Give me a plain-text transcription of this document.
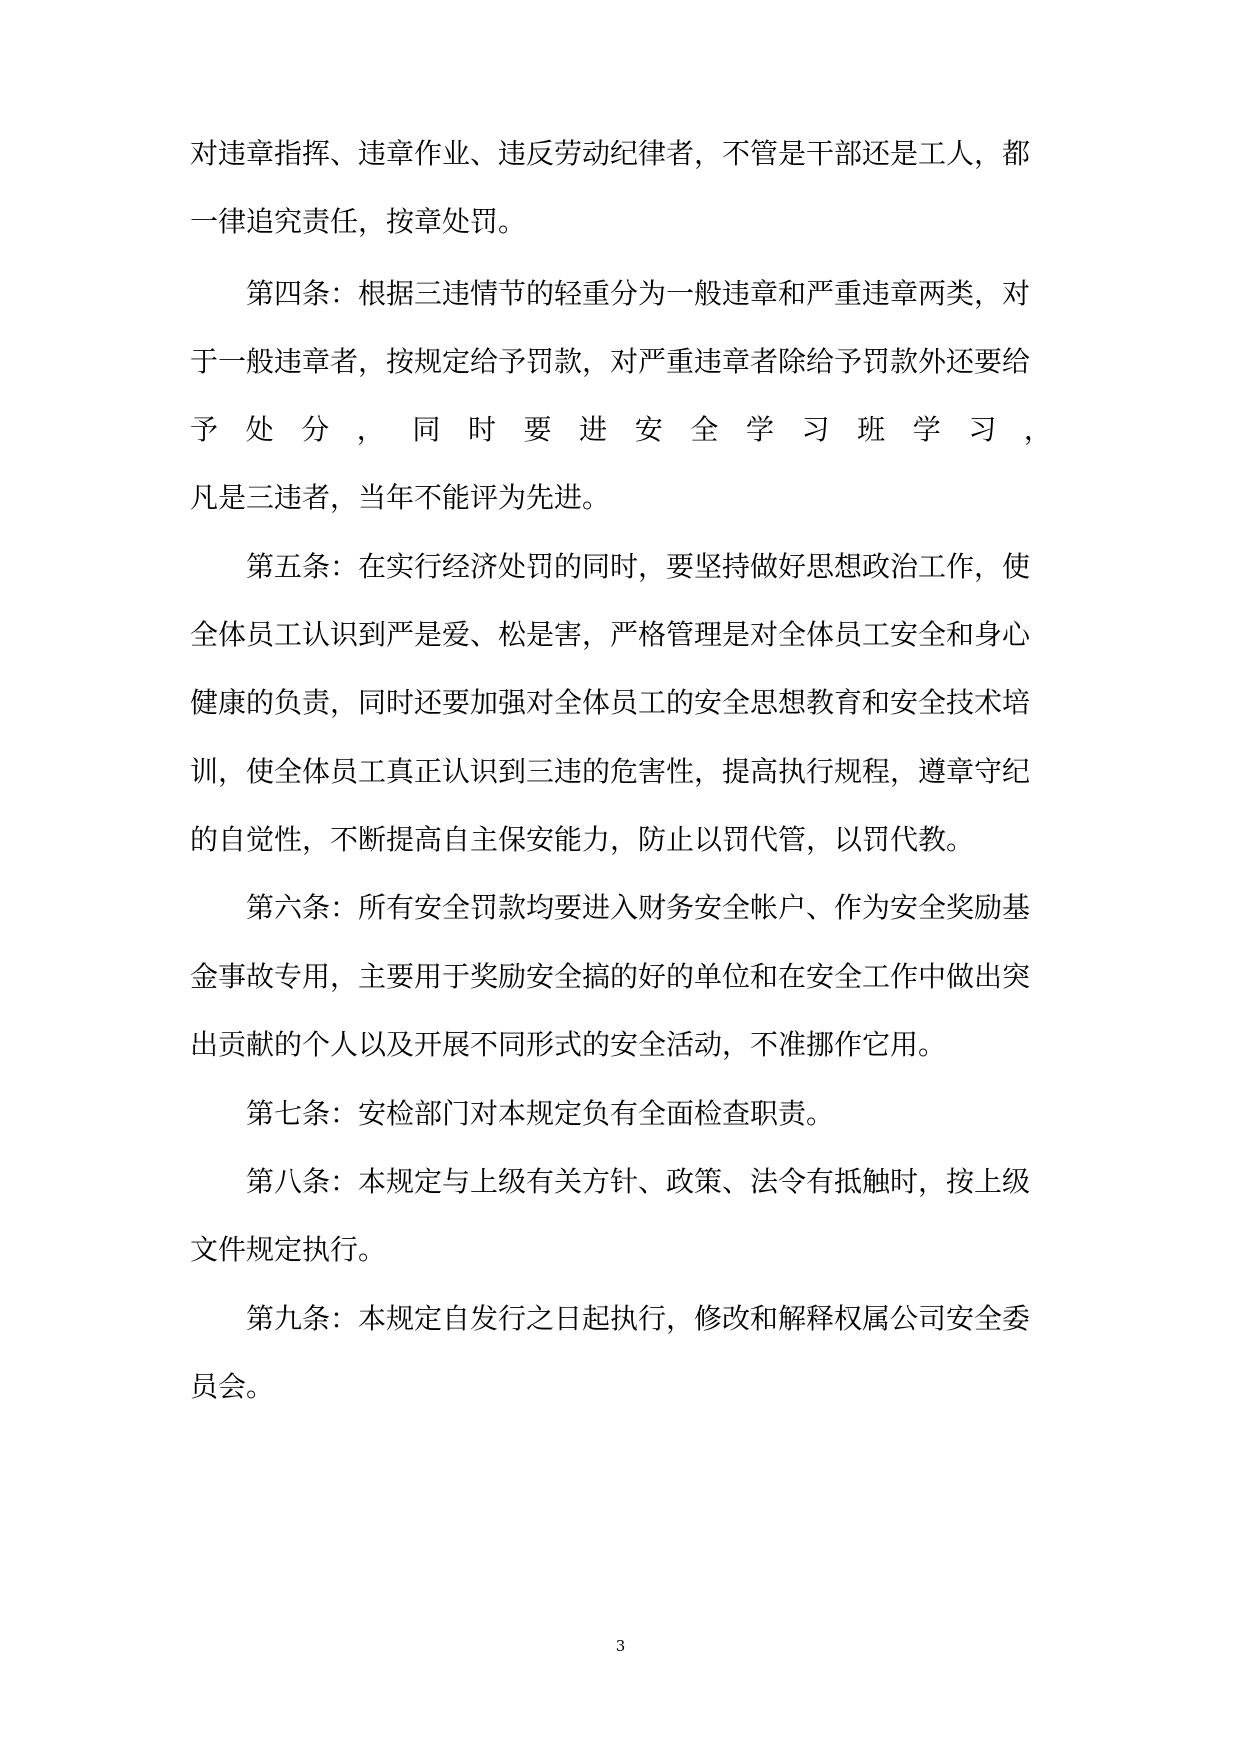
对违章指挥、违章作业、违反劳动纪律者，不管是干部还是工人，都
一律追究责任，按章处罚。
第四条：根据三违情节的轻重分为一般违章和严重违章两类，对
于一般违章者，按规定给予罚款，对严重违章者除给予罚款外还要给
予 处 分 ， 同 时 要 进 安 全 学 习 班 学 习 ，
凡是三违者，当年不能评为先进。
第五条：在实行经济处罚的同时，要坚持做好思想政治工作，使
全体员工认识到严是爱、松是害，严格管理是对全体员工安全和身心
健康的负责，同时还要加强对全体员工的安全思想教育和安全技术培
训，使全体员工真正认识到三违的危害性，提高执行规程，遵章守纪
的自觉性，不断提高自主保安能力，防止以罚代管，以罚代教。
第六条：所有安全罚款均要进入财务安全帐户、作为安全奖励基
金事故专用，主要用于奖励安全搞的好的单位和在安全工作中做出突
出贡献的个人以及开展不同形式的安全活动，不准挪作它用。
第七条：安检部门对本规定负有全面检查职责。
第八条：本规定与上级有关方针、政策、法令有抵触时，按上级
文件规定执行。
第九条：本规定自发行之日起执行，修改和解释权属公司安全委
员会。
3
